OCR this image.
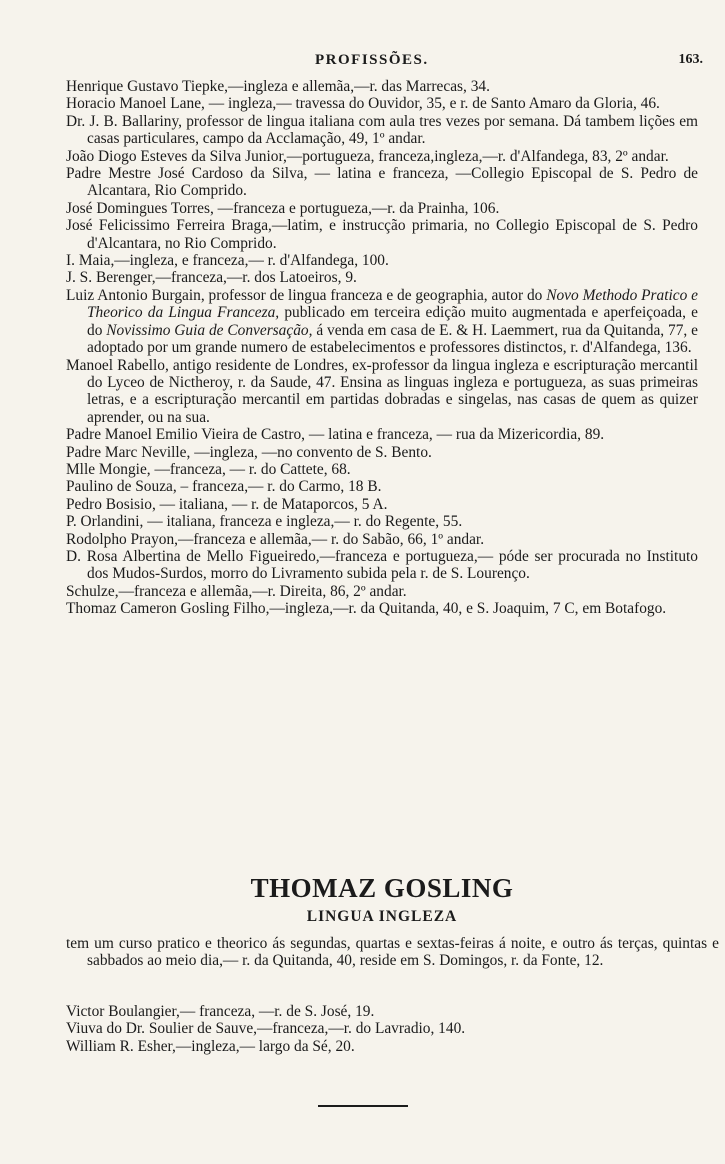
PROFISSÕES.	163.
Henrique Gustavo Tiepke,—ingleza e allemãa,—r. das Marrecas, 34.
Horacio Manoel Lane, — ingleza,— travessa do Ouvidor, 35, e r. de Santo Amaro da Gloria, 46.
Dr. J. B. Ballariny, professor de lingua italiana com aula tres vezes por semana. Dá tambem lições em casas particulares, campo da Acclamação, 49, 1º andar.
João Diogo Esteves da Silva Junior,—portugueza, franceza,ingleza,—r. d'Alfandega, 83, 2º andar.
Padre Mestre José Cardoso da Silva, — latina e franceza, —Collegio Episcopal de S. Pedro de Alcantara, Rio Comprido.
José Domingues Torres, —franceza e portugueza,—r. da Prainha, 106.
José Felicissimo Ferreira Braga,—latim, e instrucção primaria, no Collegio Episcopal de S. Pedro d'Alcantara, no Rio Comprido.
I. Maia,—ingleza, e franceza,— r. d'Alfandega, 100.
J. S. Berenger,—franceza,—r. dos Latoeiros, 9.
Luiz Antonio Burgain, professor de lingua franceza e de geographia, autor do Novo Methodo Pratico e Theorico da Lingua Franceza, publicado em terceira edição muito augmentada e aperfeiçoada, e do Novissimo Guia de Conversação, á venda em casa de E. & H. Laemmert, rua da Quitanda, 77, e adoptado por um grande numero de estabelecimentos e professores distinctos, r. d'Alfandega, 136.
Manoel Rabello, antigo residente de Londres, ex-professor da lingua ingleza e escripturação mercantil do Lyceo de Nictheroy, r. da Saude, 47. Ensina as linguas ingleza e portugueza, as suas primeiras letras, e a escripturação mercantil em partidas dobradas e singelas, nas casas de quem as quizer aprender, ou na sua.
Padre Manoel Emilio Vieira de Castro, — latina e franceza, — rua da Mizericordia, 89.
Padre Marc Neville, —ingleza, —no convento de S. Bento.
Mlle Mongie, —franceza, — r. do Cattete, 68.
Paulino de Souza, – franceza,— r. do Carmo, 18 B.
Pedro Bosisio, — italiana, — r. de Mataporcos, 5 A.
P. Orlandini, — italiana, franceza e ingleza,— r. do Regente, 55.
Rodolpho Prayon,—franceza e allemãa,— r. do Sabão, 66, 1º andar.
D. Rosa Albertina de Mello Figueiredo,—franceza e portugueza,— póde ser procurada no Instituto dos Mudos-Surdos, morro do Livramento subida pela r. de S. Lourenço.
Schulze,—franceza e allemãa,—r. Direita, 86, 2º andar.
Thomaz Cameron Gosling Filho,—ingleza,—r. da Quitanda, 40, e S. Joaquim, 7 C, em Botafogo.
THOMAZ GOSLING
LINGUA INGLEZA
tem um curso pratico e theorico ás segundas, quartas e sextas-feiras á noite, e outro ás terças, quintas e sabbados ao meio dia,— r. da Quitanda, 40, reside em S. Domingos, r. da Fonte, 12.
Victor Boulangier,— franceza, —r. de S. José, 19.
Viuva do Dr. Soulier de Sauve,—franceza,—r. do Lavradio, 140.
William R. Esher,—ingleza,— largo da Sé, 20.
